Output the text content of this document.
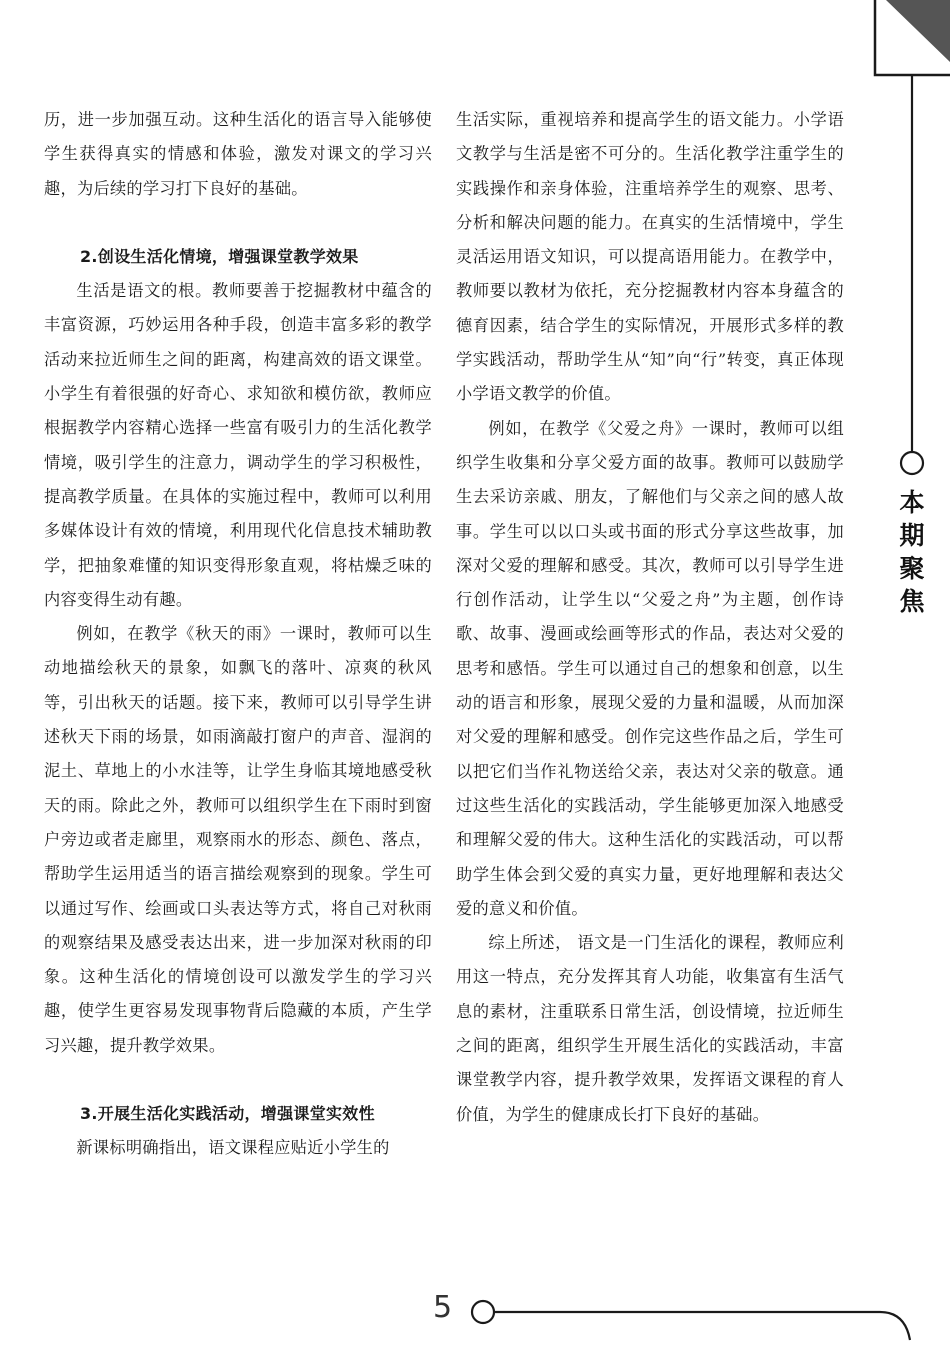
历，进一步加强互动。这种生活化的语言导入能够使学生获得真实的情感和体验，激发对课文的学习兴趣，为后续的学习打下良好的基础。

2.创设生活化情境，增强课堂教学效果

生活是语文的根。教师要善于挖掘教材中蕴含的丰富资源，巧妙运用各种手段，创造丰富多彩的教学活动来拉近师生之间的距离，构建高效的语文课堂。小学生有着很强的好奇心、求知欲和模仿欲，教师应根据教学内容精心选择一些富有吸引力的生活化教学情境，吸引学生的注意力，调动学生的学习积极性，提高教学质量。在具体的实施过程中，教师可以利用多媒体设计有效的情境，利用现代化信息技术辅助教学，把抽象难懂的知识变得形象直观，将枯燥乏味的内容变得生动有趣。

例如，在教学《秋天的雨》一课时，教师可以生动地描绘秋天的景象，如飘飞的落叶、凉爽的秋风等，引出秋天的话题。接下来，教师可以引导学生讲述秋天下雨的场景，如雨滴敲打窗户的声音、湿润的泥土、草地上的小水洼等，让学生身临其境地感受秋天的雨。除此之外，教师可以组织学生在下雨时到窗户旁边或者走廊里，观察雨水的形态、颜色、落点，帮助学生运用适当的语言描绘观察到的现象。学生可以通过写作、绘画或口头表达等方式，将自己对秋雨的观察结果及感受表达出来，进一步加深对秋雨的印象。这种生活化的情境创设可以激发学生的学习兴趣，使学生更容易发现事物背后隐藏的本质，产生学习兴趣，提升教学效果。

3.开展生活化实践活动，增强课堂实效性

新课标明确指出，语文课程应贴近小学生的

生活实际，重视培养和提高学生的语文能力。小学语文教学与生活是密不可分的。生活化教学注重学生的实践操作和亲身体验，注重培养学生的观察、思考、分析和解决问题的能力。在真实的生活情境中，学生灵活运用语文知识，可以提高语用能力。在教学中，教师要以教材为依托，充分挖掘教材内容本身蕴含的德育因素，结合学生的实际情况，开展形式多样的教学实践活动，帮助学生从“知”向“行”转变，真正体现小学语文教学的价值。

例如，在教学《父爱之舟》一课时，教师可以组织学生收集和分享父爱方面的故事。教师可以鼓励学生去采访亲戚、朋友，了解他们与父亲之间的感人故事。学生可以以口头或书面的形式分享这些故事，加深对父爱的理解和感受。其次，教师可以引导学生进行创作活动，让学生以“父爱之舟”为主题，创作诗歌、故事、漫画或绘画等形式的作品，表达对父爱的思考和感悟。学生可以通过自己的想象和创意，以生动的语言和形象，展现父爱的力量和温暖，从而加深对父爱的理解和感受。创作完这些作品之后，学生可以把它们当作礼物送给父亲，表达对父亲的敬意。通过这些生活化的实践活动，学生能够更加深入地感受和理解父爱的伟大。这种生活化的实践活动，可以帮助学生体会到父爱的真实力量，更好地理解和表达父爱的意义和价值。

综上所述， 语文是一门生活化的课程，教师应利用这一特点，充分发挥其育人功能，收集富有生活气息的素材，注重联系日常生活，创设情境，拉近师生之间的距离，组织学生开展生活化的实践活动，丰富课堂教学内容，提升教学效果，发挥语文课程的育人价值，为学生的健康成长打下良好的基础。

本期聚焦
5
